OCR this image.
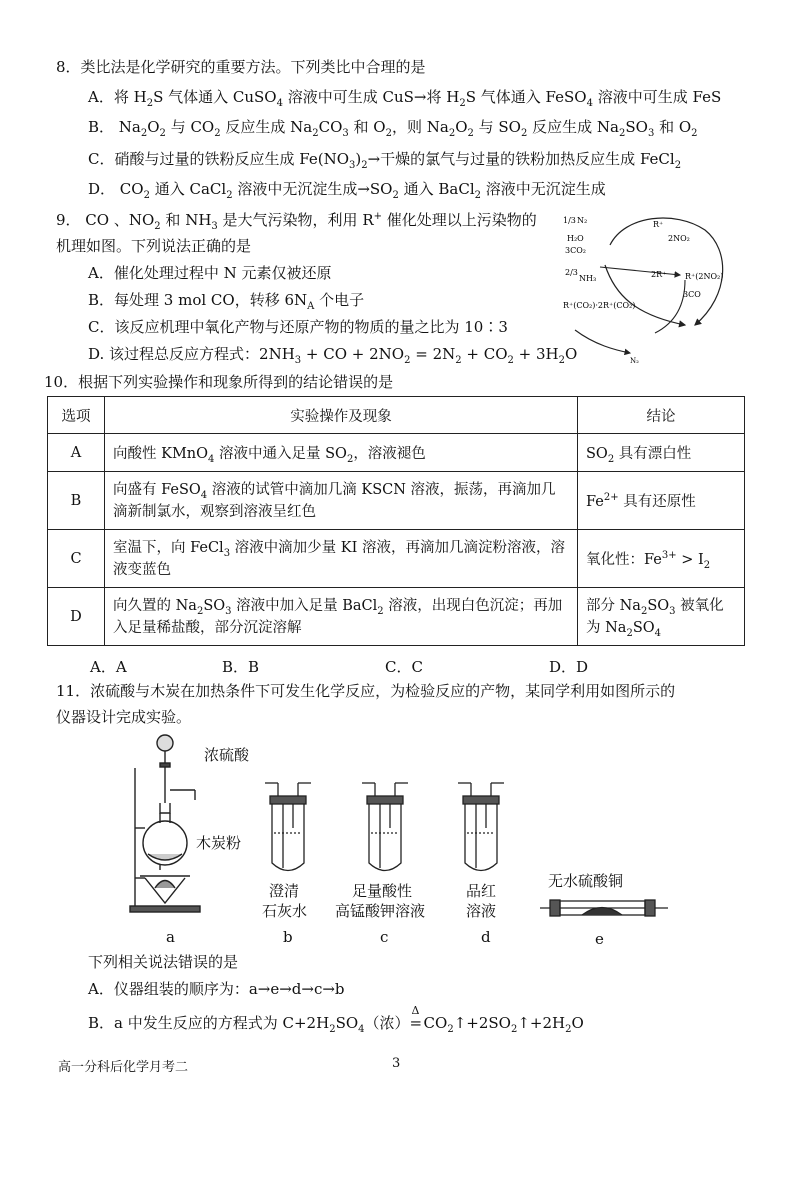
8．类比法是化学研究的重要方法。下列类比中合理的是
A．将 $H_2S$ 气体通入 CuSO$_4$ 溶液中可生成 CuS→将 $H_2S$ 气体通入 FeSO$_4$ 溶液中可生成 FeS
B． $Na_2O_2$ 与 $CO_2$ 反应生成 $Na_2CO_3$ 和 $O_2$，则 $Na_2O_2$ 与 $SO_2$ 反应生成 $Na_2SO_3$ 和 $O_2$
C．硝酸与过量的铁粉反应生成 $Fe(NO_3)_2\to$干燥的氯气与过量的铁粉加热反应生成 FeCl$_2$
D． $CO_2$ 通入 CaCl$_2$ 溶液中无沉淀生成$\to SO_2$ 通入 BaCl$_2$ 溶液中无沉淀生成
9． CO 、$NO_2$ 和 $NH_3$ 是大气污染物，利用 R+ 催化处理以上污染物的
机理如图。下列说法正确的是
A．催化处理过程中 N 元素仅被还原
B．每处理 3 mol CO，转移 $6N_A$ 个电子
C．该反应机理中氧化产物与还原产物的物质的量之比为 10∶3
D. 该过程总反应方程式：$2NH_3$ + CO + $2NO_2 = 2N_2 + CO_2 + 3H_2O$
1/3 N₂
H₂O
3CO₂
2/3
NH₃
R⁺
2NO₂
R⁺(2NO₂)
3CO
2R⁺
R⁺(CO₂)·2R⁺(CO₂)
N₂
10．根据下列实验操作和现象所得到的结论错误的是
选项	实验操作及现象	结论
A	向酸性 KMnO$_4$ 溶液中通入足量 $SO_2$，溶液褪色	$SO_2$ 具有漂白性
B	向盛有 FeSO$_4$ 溶液的试管中滴加几滴 KSCN 溶液，振荡，再滴加几滴新制氯水，观察到溶液呈红色	$Fe^{2+}$ 具有还原性
C	室温下，向 FeCl$_3$ 溶液中滴加少量 KI 溶液，再滴加几滴淀粉溶液，溶液变蓝色	氧化性：$Fe^{3+} > I_2$
D	向久置的 $Na_2SO_3$ 溶液中加入足量 BaCl$_2$ 溶液，出现白色沉淀；再加入足量稀盐酸，部分沉淀溶解	部分 $Na_2SO_3$ 被氧化为 $Na_2SO_4$
A．A	B．B	C．C	D．D
11．浓硫酸与木炭在加热条件下可发生化学反应，为检验反应的产物，某同学利用如图所示的
仪器设计完成实验。
浓硫酸
木炭粉
澄清
石灰水
足量酸性
高锰酸钾溶液
品红
溶液
无水硫酸铜
a	b	c	d	e
下列相关说法错误的是
A．仪器组装的顺序为：a→e→d→c→b
B．a 中发生反应的方程式为 $C+2H_2SO_4$（浓）
Δ
$=CO_2↑+2SO_2↑+2H_2O$
高一分科后化学月考二	3
